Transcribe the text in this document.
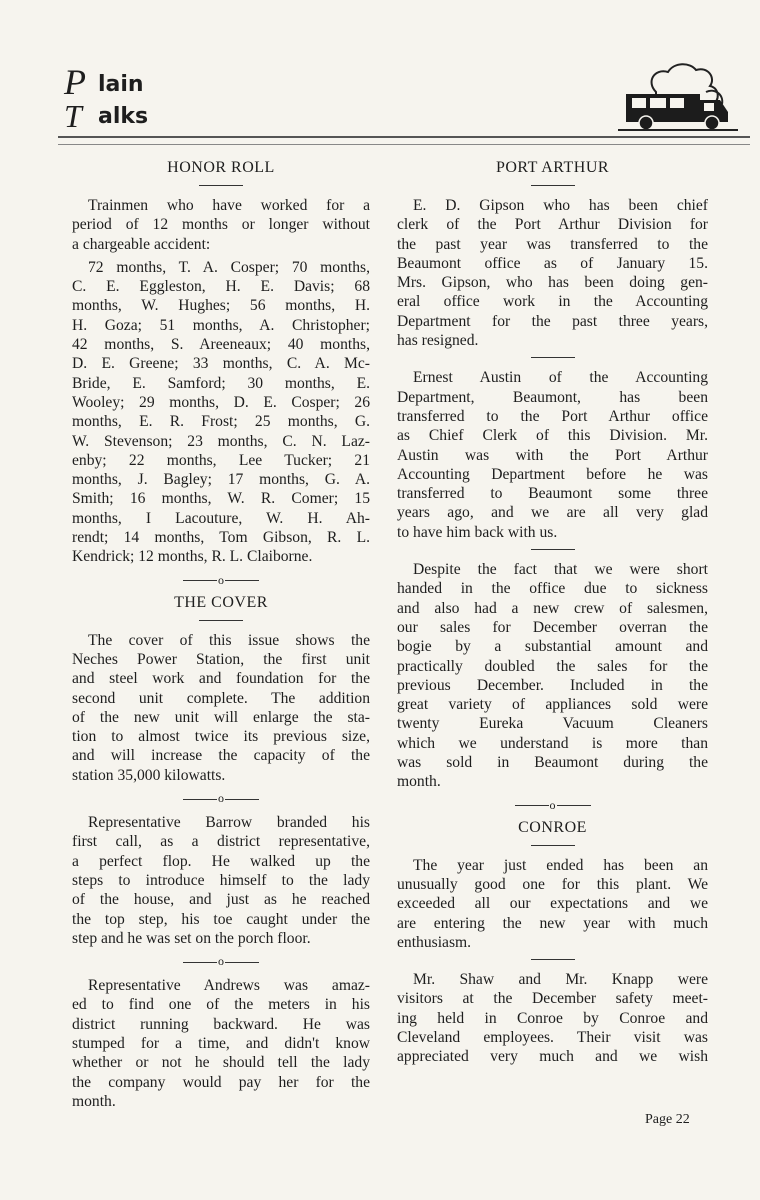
P lain
T alks
HONOR ROLL
Trainmen who have worked for a
period of 12 months or longer without
a chargeable accident:
72 months, T. A. Cosper; 70 months,
C. E. Eggleston, H. E. Davis; 68
months, W. Hughes; 56 months, H.
H. Goza; 51 months, A. Christopher;
42 months, S. Areeneaux; 40 months,
D. E. Greene; 33 months, C. A. Mc-
Bride, E. Samford; 30 months, E.
Wooley; 29 months, D. E. Cosper; 26
months, E. R. Frost; 25 months, G.
W. Stevenson; 23 months, C. N. Laz-
enby; 22 months, Lee Tucker; 21
months, J. Bagley; 17 months, G. A.
Smith; 16 months, W. R. Comer; 15
months, I Lacouture, W. H. Ah-
rendt; 14 months, Tom Gibson, R. L.
Kendrick; 12 months, R. L. Claiborne.
o
THE COVER
The cover of this issue shows the
Neches Power Station, the first unit
and steel work and foundation for the
second unit complete. The addition
of the new unit will enlarge the sta-
tion to almost twice its previous size,
and will increase the capacity of the
station 35,000 kilowatts.
o
Representative Barrow branded his
first call, as a district representative,
a perfect flop. He walked up the
steps to introduce himself to the lady
of the house, and just as he reached
the top step, his toe caught under the
step and he was set on the porch floor.
o
Representative Andrews was amaz-
ed to find one of the meters in his
district running backward. He was
stumped for a time, and didn't know
whether or not he should tell the lady
the company would pay her for the
month.
PORT ARTHUR
E. D. Gipson who has been chief
clerk of the Port Arthur Division for
the past year was transferred to the
Beaumont office as of January 15.
Mrs. Gipson, who has been doing gen-
eral office work in the Accounting
Department for the past three years,
has resigned.
Ernest Austin of the Accounting
Department, Beaumont, has been
transferred to the Port Arthur office
as Chief Clerk of this Division. Mr.
Austin was with the Port Arthur
Accounting Department before he was
transferred to Beaumont some three
years ago, and we are all very glad
to have him back with us.
Despite the fact that we were short
handed in the office due to sickness
and also had a new crew of salesmen,
our sales for December overran the
bogie by a substantial amount and
practically doubled the sales for the
previous December. Included in the
great variety of appliances sold were
twenty Eureka Vacuum Cleaners
which we understand is more than
was sold in Beaumont during the
month.
o
CONROE
The year just ended has been an
unusually good one for this plant. We
exceeded all our expectations and we
are entering the new year with much
enthusiasm.
Mr. Shaw and Mr. Knapp were
visitors at the December safety meet-
ing held in Conroe by Conroe and
Cleveland employees. Their visit was
appreciated very much and we wish
Page 22
